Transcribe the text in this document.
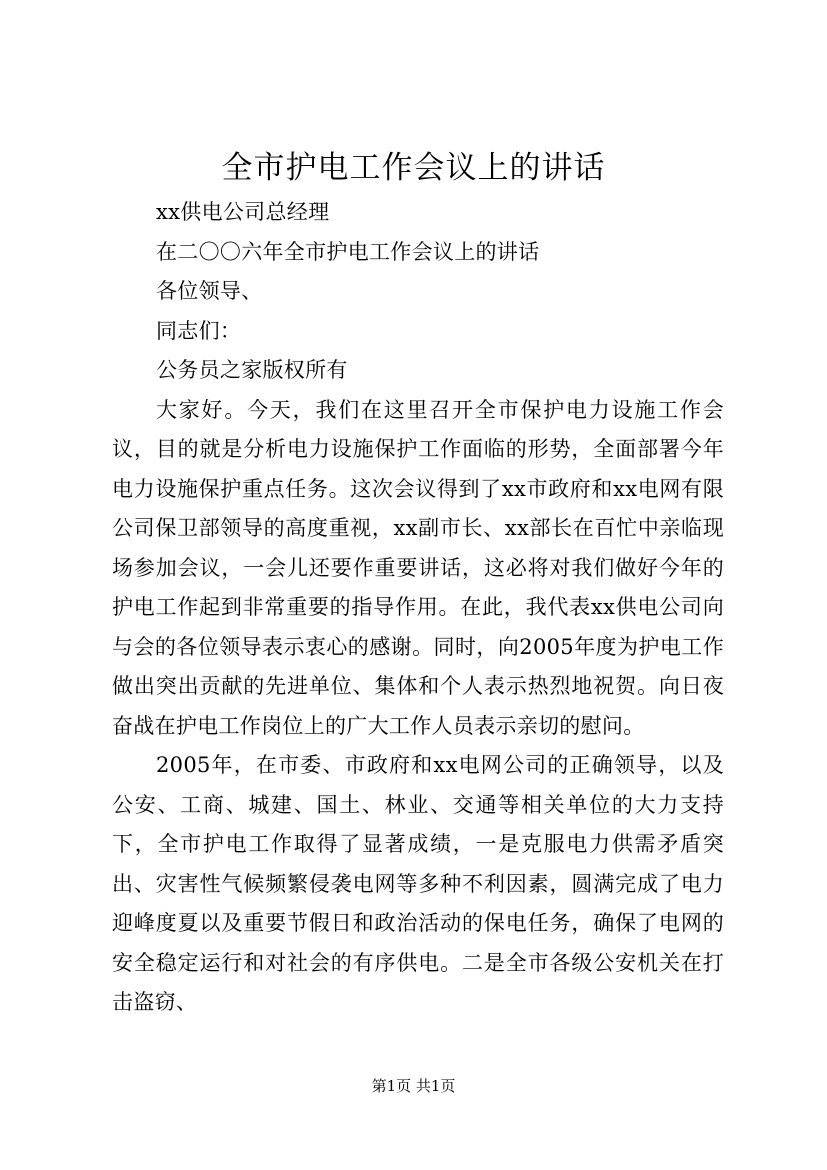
全市护电工作会议上的讲话

xx供电公司总经理

在二〇〇六年全市护电工作会议上的讲话

各位领导、

同志们：

公务员之家版权所有

大家好。今天，我们在这里召开全市保护电力设施工作会议，目的就是分析电力设施保护工作面临的形势，全面部署今年电力设施保护重点任务。这次会议得到了xx市政府和xx电网有限公司保卫部领导的高度重视，xx副市长、xx部长在百忙中亲临现场参加会议，一会儿还要作重要讲话，这必将对我们做好今年的护电工作起到非常重要的指导作用。在此，我代表xx供电公司向与会的各位领导表示衷心的感谢。同时，向2005年度为护电工作做出突出贡献的先进单位、集体和个人表示热烈地祝贺。向日夜奋战在护电工作岗位上的广大工作人员表示亲切的慰问。

2005年，在市委、市政府和xx电网公司的正确领导，以及公安、工商、城建、国土、林业、交通等相关单位的大力支持下，全市护电工作取得了显著成绩，一是克服电力供需矛盾突出、灾害性气候频繁侵袭电网等多种不利因素，圆满完成了电力迎峰度夏以及重要节假日和政治活动的保电任务，确保了电网的安全稳定运行和对社会的有序供电。二是全市各级公安机关在打击盗窃、

第1页 共1页
